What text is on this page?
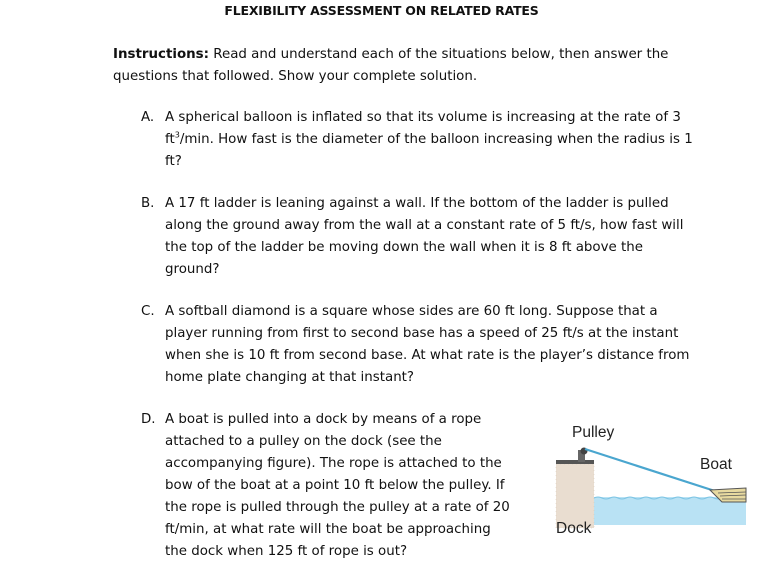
FLEXIBILITY ASSESSMENT ON RELATED RATES
Instructions: Read and understand each of the situations below, then answer the questions that followed. Show your complete solution.
A. A spherical balloon is inflated so that its volume is increasing at the rate of 3 $ft^3/\min$. How fast is the diameter of the balloon increasing when the radius is 1 ft?
B. A 17 ft ladder is leaning against a wall. If the bottom of the ladder is pulled along the ground away from the wall at a constant rate of 5 ft/s, how fast will the top of the ladder be moving down the wall when it is 8 ft above the ground?
C. A softball diamond is a square whose sides are 60 ft long. Suppose that a player running from first to second base has a speed of 25 ft/s at the instant when she is 10 ft from second base. At what rate is the player’s distance from home plate changing at that instant?
D. A boat is pulled into a dock by means of a rope attached to a pulley on the dock (see the accompanying figure). The rope is attached to the bow of the boat at a point 10 ft below the pulley. If the rope is pulled through the pulley at a rate of 20 ft/min, at what rate will the boat be approaching the dock when 125 ft of rope is out?
Pulley
Boat
Dock
